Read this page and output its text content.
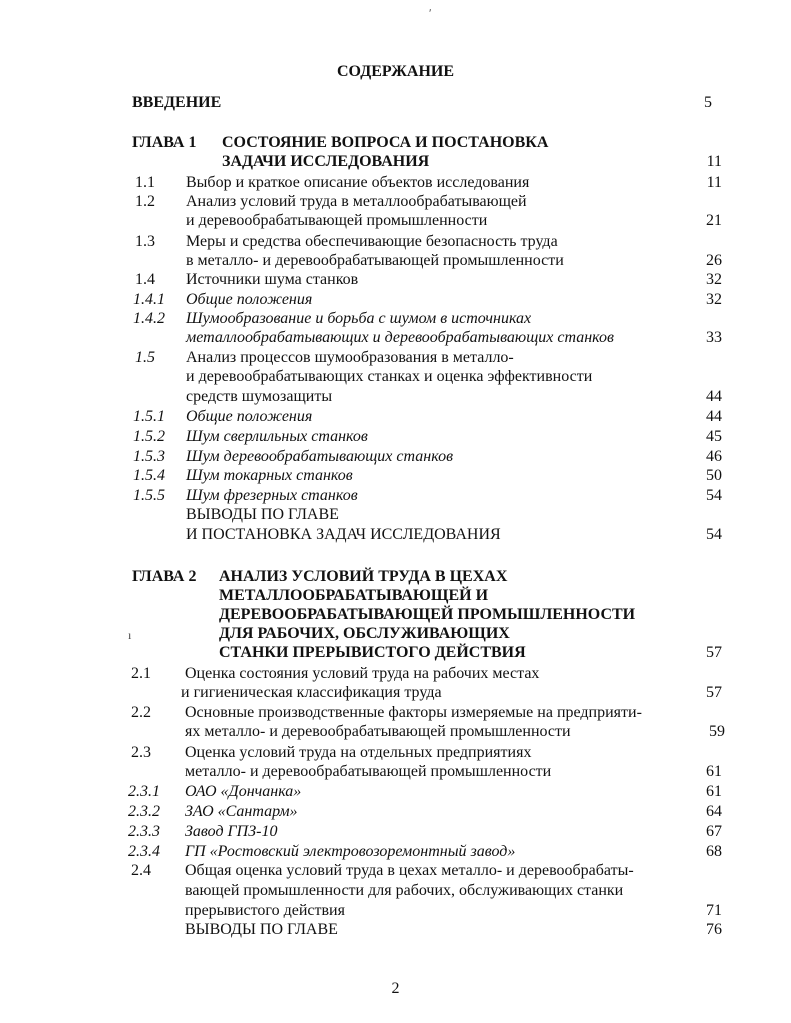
СОДЕРЖАНИЕ
ВВЕДЕНИЕ	5
ГЛАВА 1 СОСТОЯНИЕ ВОПРОСА И ПОСТАНОВКА
ЗАДАЧИ ИССЛЕДОВАНИЯ	11
1.1 Выбор и краткое описание объектов исследования	11
1.2 Анализ условий труда в металлообрабатывающей
и деревообрабатывающей промышленности	21
1.3 Меры и средства обеспечивающие безопасность труда
в металло- и деревообрабатывающей промышленности	26
1.4 Источники шума станков	32
1.4.1 Общие положения	32
1.4.2 Шумообразование и борьба с шумом в источниках
металлообрабатывающих и деревообрабатывающих станков	33
1.5 Анализ процессов шумообразования в металло-
и деревообрабатывающих станках и оценка эффективности
средств шумозащиты	44
1.5.1 Общие положения	44
1.5.2 Шум сверлильных станков	45
1.5.3 Шум деревообрабатывающих станков	46
1.5.4 Шум токарных станков	50
1.5.5 Шум фрезерных станков	54
ВЫВОДЫ ПО ГЛАВЕ
И ПОСТАНОВКА ЗАДАЧ ИССЛЕДОВАНИЯ	54
ГЛАВА 2 АНАЛИЗ УСЛОВИЙ ТРУДА В ЦЕХАХ
МЕТАЛЛООБРАБАТЫВАЮЩЕЙ И
ДЕРЕВООБРАБАТЫВАЮЩЕЙ ПРОМЫШЛЕННОСТИ
ДЛЯ РАБОЧИХ, ОБСЛУЖИВАЮЩИХ
СТАНКИ ПРЕРЫВИСТОГО ДЕЙСТВИЯ	57
2.1 Оценка состояния условий труда на рабочих местах
и гигиеническая классификация труда	57
2.2 Основные производственные факторы измеряемые на предприяти-
ях металло- и деревообрабатывающей промышленности	59
2.3 Оценка условий труда на отдельных предприятиях
металло- и деревообрабатывающей промышленности	61
2.3.1 ОАО «Дончанка»	61
2.3.2 ЗАО «Сантарм»	64
2.3.3 Завод ГПЗ-10	67
2.3.4 ГП «Ростовский электровозоремонтный завод»	68
2.4 Общая оценка условий труда в цехах металло- и деревообрабаты-
вающей промышленности для рабочих, обслуживающих станки
прерывистого действия	71
ВЫВОДЫ ПО ГЛАВЕ	76
2
ʹ
ı
